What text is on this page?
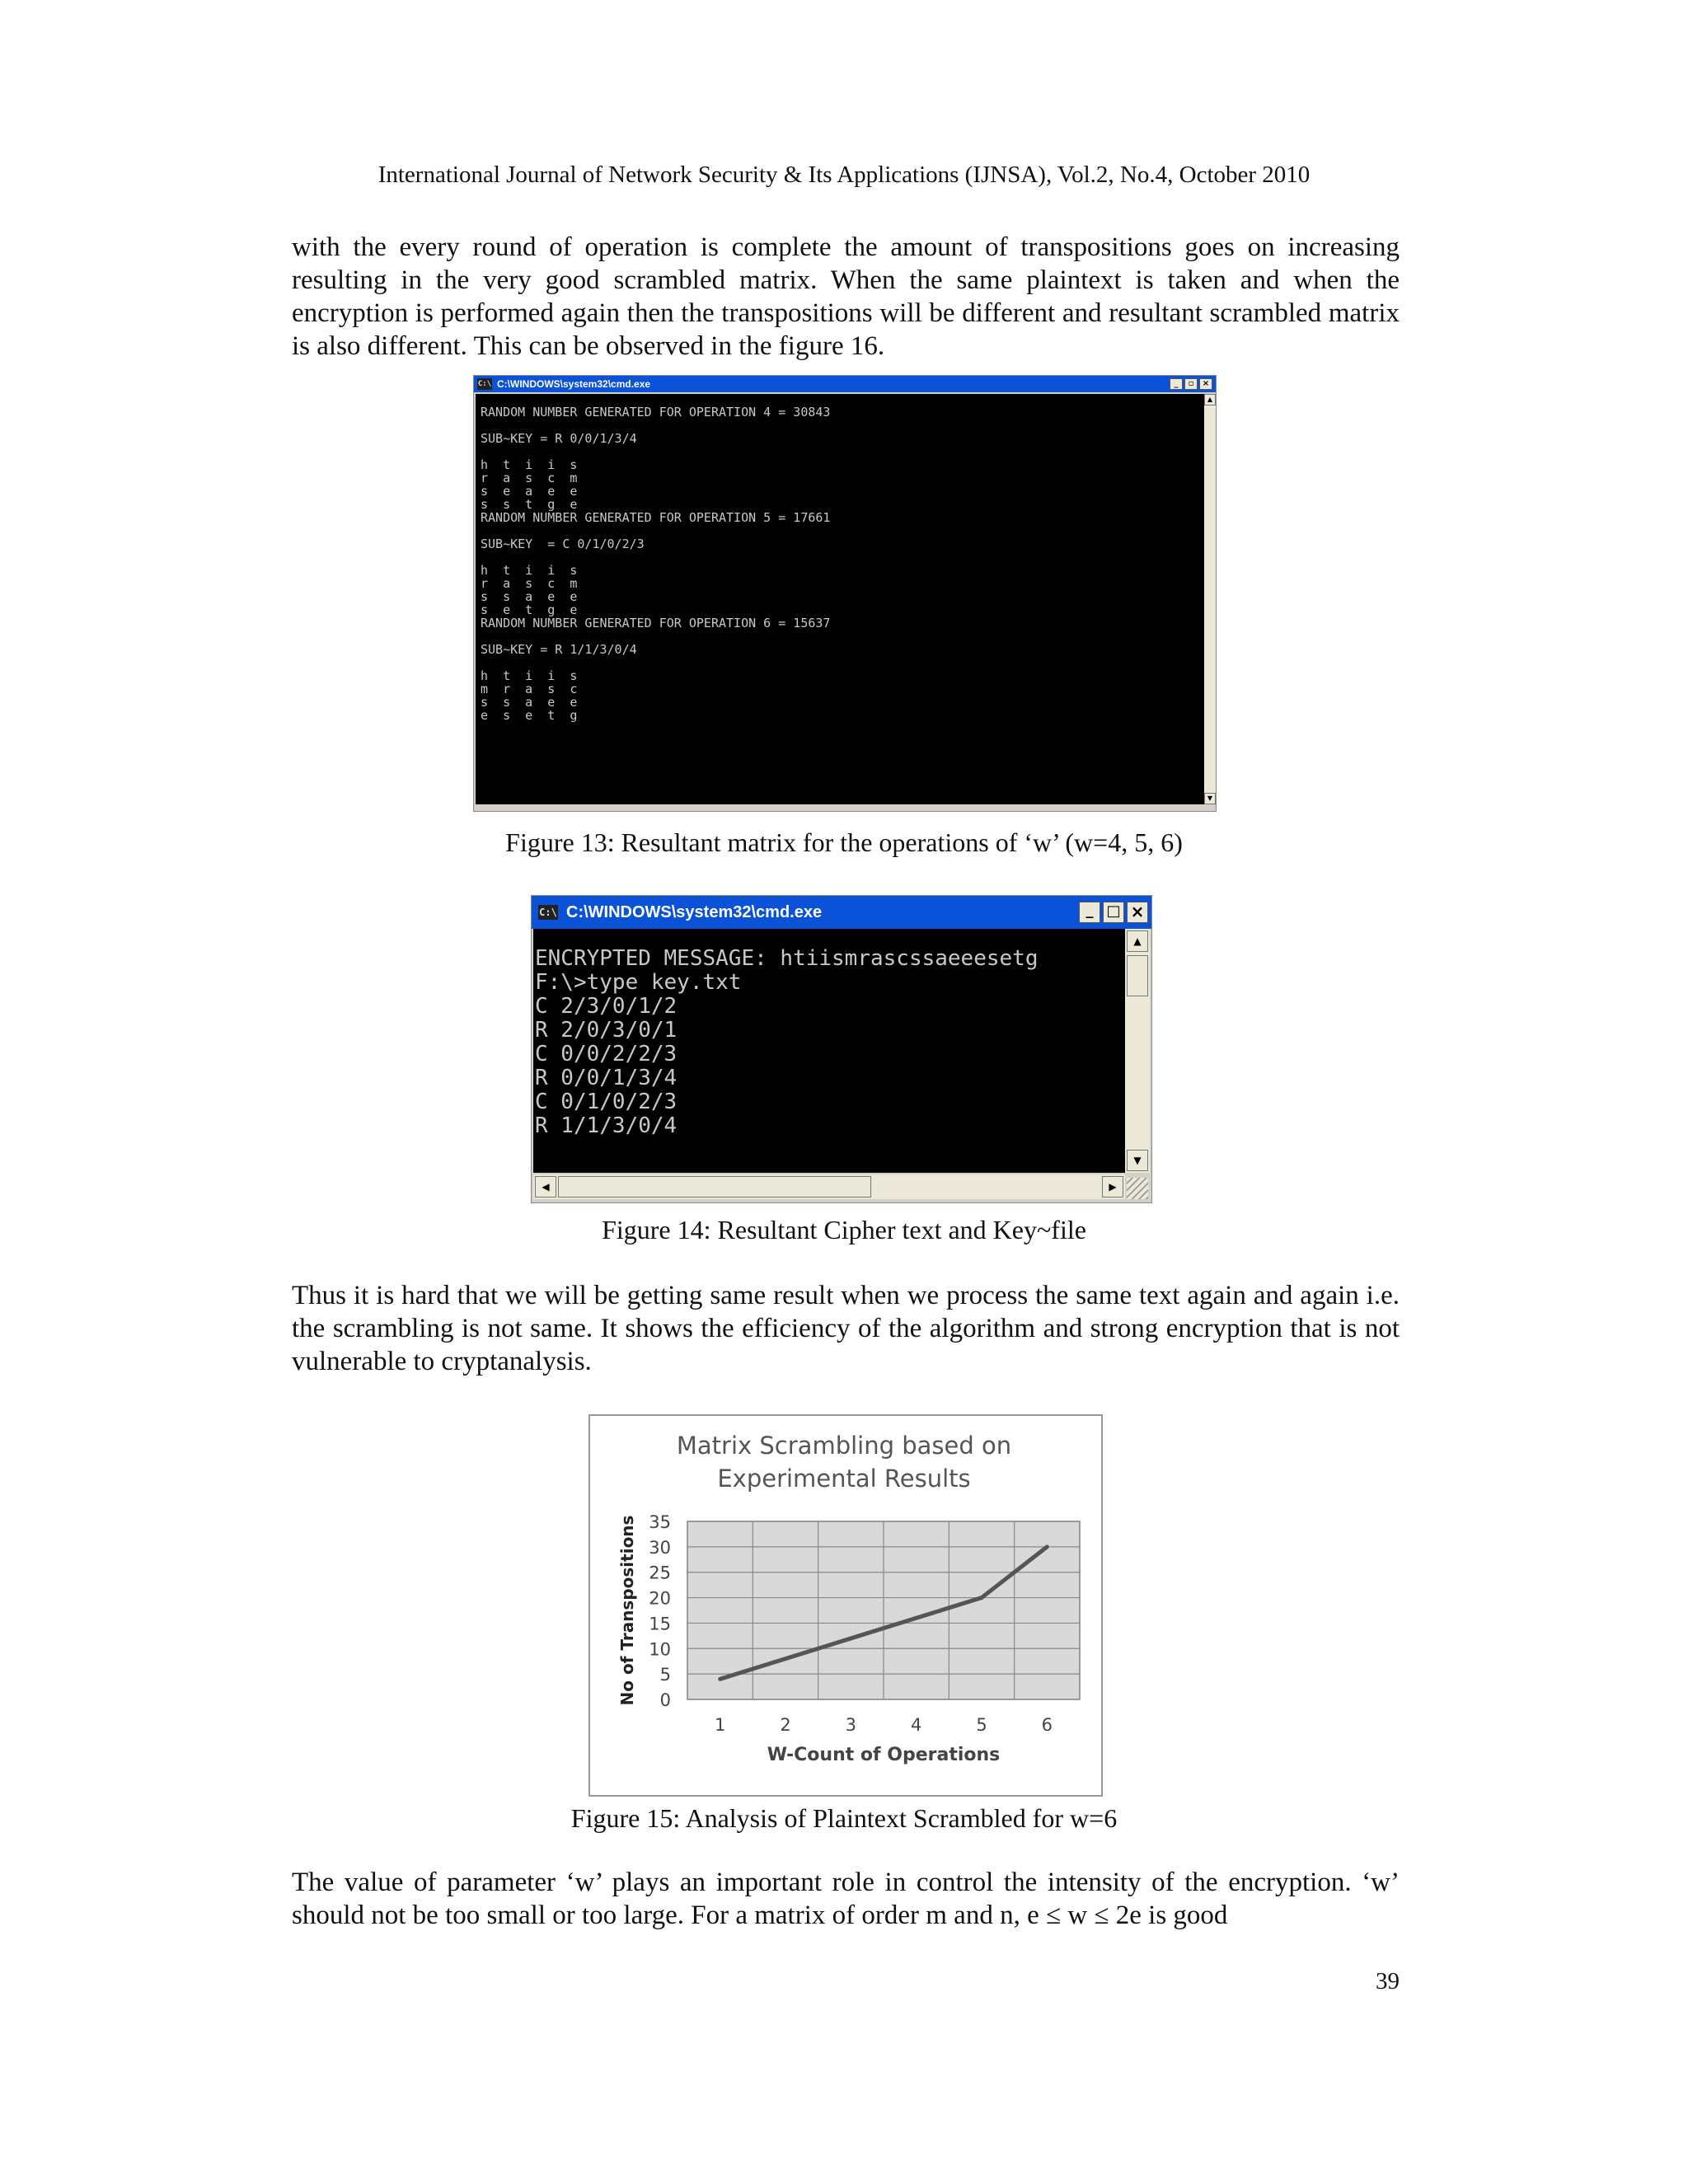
International Journal of Network Security & Its Applications (IJNSA), Vol.2, No.4, October 2010
with the every round of operation is complete the amount of transpositions goes on increasing resulting in the very good scrambled matrix. When the same plaintext is taken and when the encryption is performed again then the transpositions will be different and resultant scrambled matrix is also different. This can be observed in the figure 16.
C:\ C:\WINDOWS\system32\cmd.exe	_	▫	×
RANDOM NUMBER GENERATED FOR OPERATION 4 = 30843

SUB~KEY = R 0/0/1/3/4

h  t  i  i  s
r  a  s  c  m
s  e  a  e  e
s  s  t  g  e
RANDOM NUMBER GENERATED FOR OPERATION 5 = 17661

SUB~KEY  = C 0/1/0/2/3

h  t  i  i  s
r  a  s  c  m
s  s  a  e  e
s  e  t  g  e
RANDOM NUMBER GENERATED FOR OPERATION 6 = 15637

SUB~KEY = R 1/1/3/0/4

h  t  i  i  s
m  r  a  s  c
s  s  a  e  e
e  s  e  t  g
▲
▼
Figure 13: Resultant matrix for the operations of ‘w’ (w=4, 5, 6)
C:\ C:\WINDOWS\system32\cmd.exe	_ □ ×
ENCRYPTED MESSAGE: htiismrascssaeeesetg
F:\>type key.txt
C 2/3/0/1/2
R 2/0/3/0/1
C 0/0/2/2/3
R 0/0/1/3/4
C 0/1/0/2/3
R 1/1/3/0/4
▲
▼
◀	▶
Figure 14: Resultant Cipher text and Key~file
Thus it is hard that we will be getting same result when we process the same text again and again i.e. the scrambling is not same. It shows the efficiency of the algorithm and strong encryption that is not vulnerable to cryptanalysis.
Matrix Scrambling based on
Experimental Results
0
5
10
15
20
25
30
35
1	2	3	4	5	6
W-Count of Operations
No of Transpositions
Figure 15: Analysis of Plaintext Scrambled for w=6
The value of parameter ‘w’ plays an important role in control the intensity of the encryption. ‘w’ should not be too small or too large. For a matrix of order m and n, e ≤ w ≤ 2e is good
39
